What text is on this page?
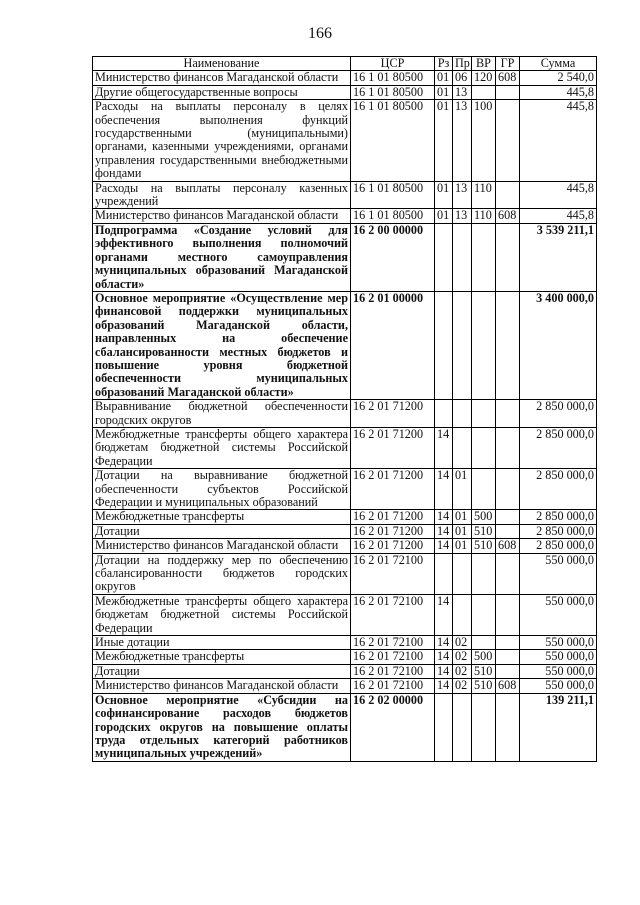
166
Наименование	ЦСР	Рз	Пр	ВР	ГР	Сумма
Министерство финансов Магаданской области	16 1 01 80500	01	06	120	608	2 540,0
Другие общегосударственные вопросы	16 1 01 80500	01	13			445,8
Расходы на выплаты персоналу в целях обеспечения выполнения функций государственными (муниципальными) органами, казенными учреждениями, органами управления государственными внебюджетными фондами	16 1 01 80500	01	13	100		445,8
Расходы на выплаты персоналу казенных учреждений	16 1 01 80500	01	13	110		445,8
Министерство финансов Магаданской области	16 1 01 80500	01	13	110	608	445,8
Подпрограмма «Создание условий для эффективного выполнения полномочий органами местного самоуправления муниципальных образований Магаданской области»	16 2 00 00000					3 539 211,1
Основное мероприятие «Осуществление мер финансовой поддержки муниципальных образований Магаданской области, направленных на обеспечение сбалансированности местных бюджетов и повышение уровня бюджетной обеспеченности муниципальных образований Магаданской области»	16 2 01 00000					3 400 000,0
Выравнивание бюджетной обеспеченности городских округов	16 2 01 71200					2 850 000,0
Межбюджетные трансферты общего характера бюджетам бюджетной системы Российской Федерации	16 2 01 71200	14				2 850 000,0
Дотации на выравнивание бюджетной обеспеченности субъектов Российской Федерации и муниципальных образований	16 2 01 71200	14	01			2 850 000,0
Межбюджетные трансферты	16 2 01 71200	14	01	500		2 850 000,0
Дотации	16 2 01 71200	14	01	510		2 850 000,0
Министерство финансов Магаданской области	16 2 01 71200	14	01	510	608	2 850 000,0
Дотации на поддержку мер по обеспечению сбалансированности бюджетов городских округов	16 2 01 72100					550 000,0
Межбюджетные трансферты общего характера бюджетам бюджетной системы Российской Федерации	16 2 01 72100	14				550 000,0
Иные дотации	16 2 01 72100	14	02			550 000,0
Межбюджетные трансферты	16 2 01 72100	14	02	500		550 000,0
Дотации	16 2 01 72100	14	02	510		550 000,0
Министерство финансов Магаданской области	16 2 01 72100	14	02	510	608	550 000,0
Основное мероприятие «Субсидии на софинансирование расходов бюджетов городских округов на повышение оплаты труда отдельных категорий работников муниципальных учреждений»	16 2 02 00000					139 211,1
